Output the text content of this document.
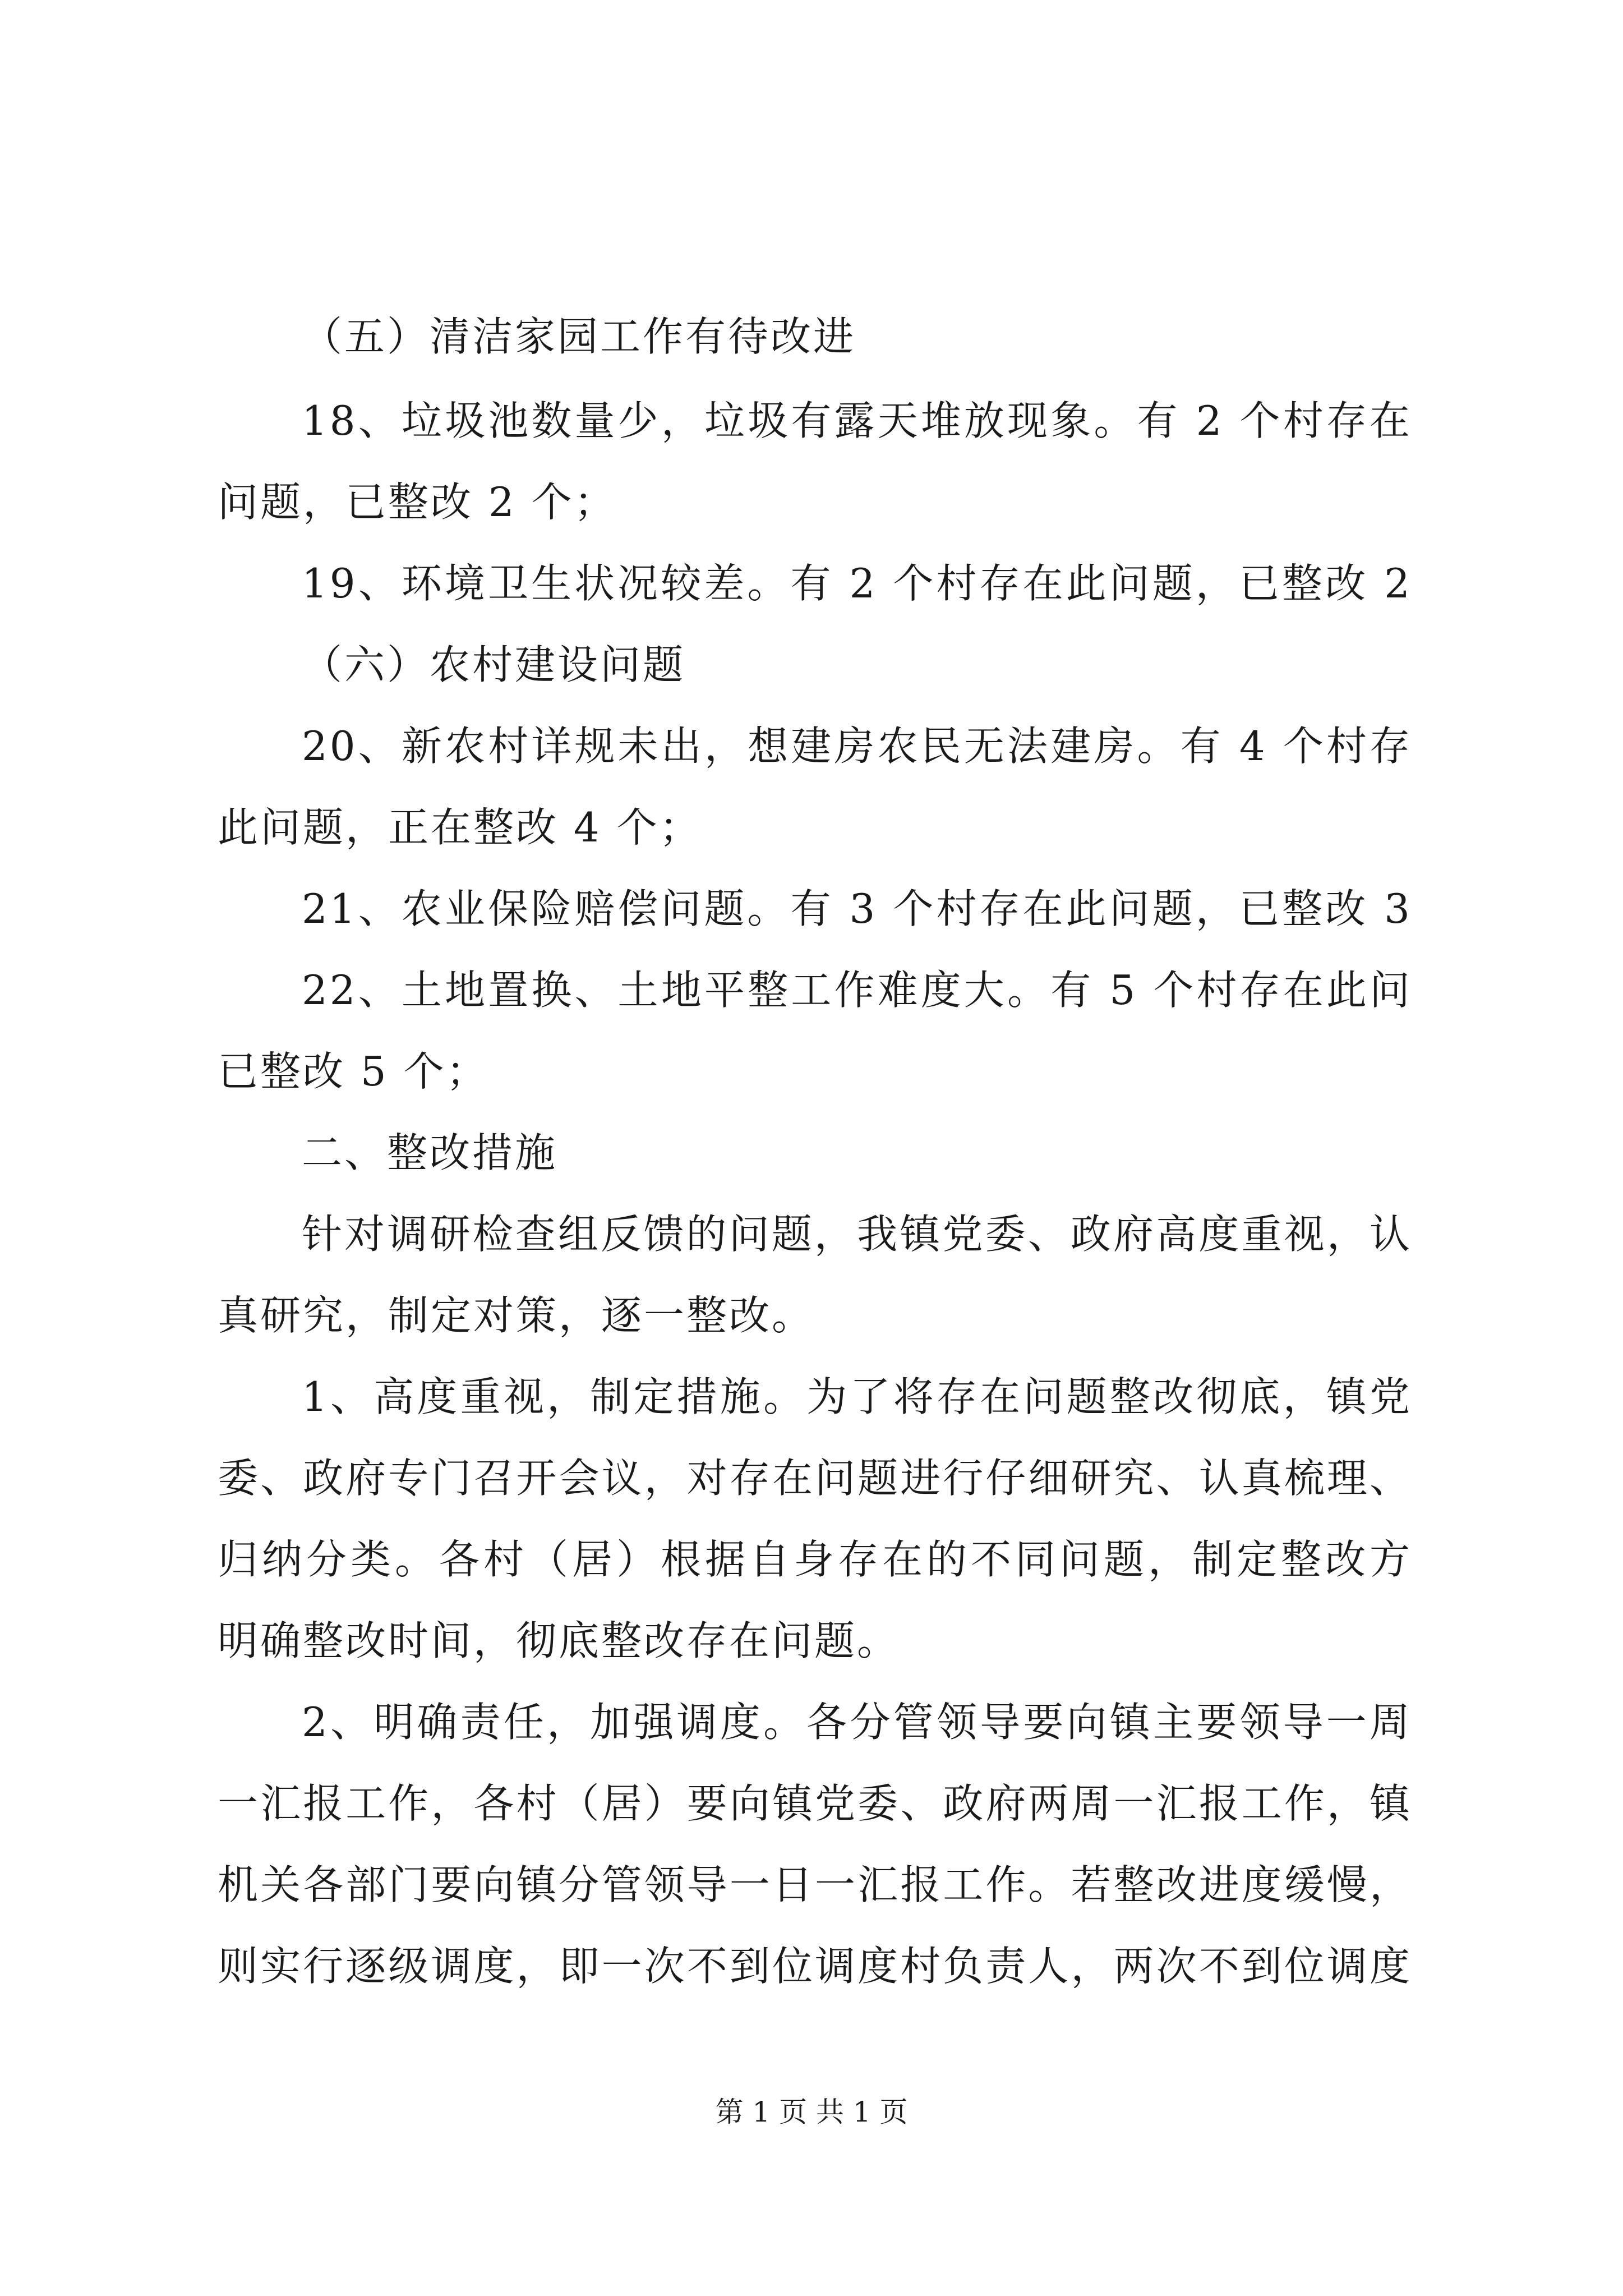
（五）清洁家园工作有待改进
18、垃圾池数量少，垃圾有露天堆放现象。有 2 个村存在
问题，已整改 2 个；
19、环境卫生状况较差。有 2 个村存在此问题，已整改 2
（六）农村建设问题
20、新农村详规未出，想建房农民无法建房。有 4 个村存
此问题，正在整改 4 个；
21、农业保险赔偿问题。有 3 个村存在此问题，已整改 3
22、土地置换、土地平整工作难度大。有 5 个村存在此问
已整改 5 个；
二、整改措施
针对调研检查组反馈的问题，我镇党委、政府高度重视，认
真研究，制定对策，逐一整改。
1、高度重视，制定措施。为了将存在问题整改彻底，镇党
委、政府专门召开会议，对存在问题进行仔细研究、认真梳理、
归纳分类。各村（居）根据自身存在的不同问题，制定整改方
明确整改时间，彻底整改存在问题。
2、明确责任，加强调度。各分管领导要向镇主要领导一周
一汇报工作，各村（居）要向镇党委、政府两周一汇报工作，镇
机关各部门要向镇分管领导一日一汇报工作。若整改进度缓慢，
则实行逐级调度，即一次不到位调度村负责人，两次不到位调度
第 1 页 共 1 页
